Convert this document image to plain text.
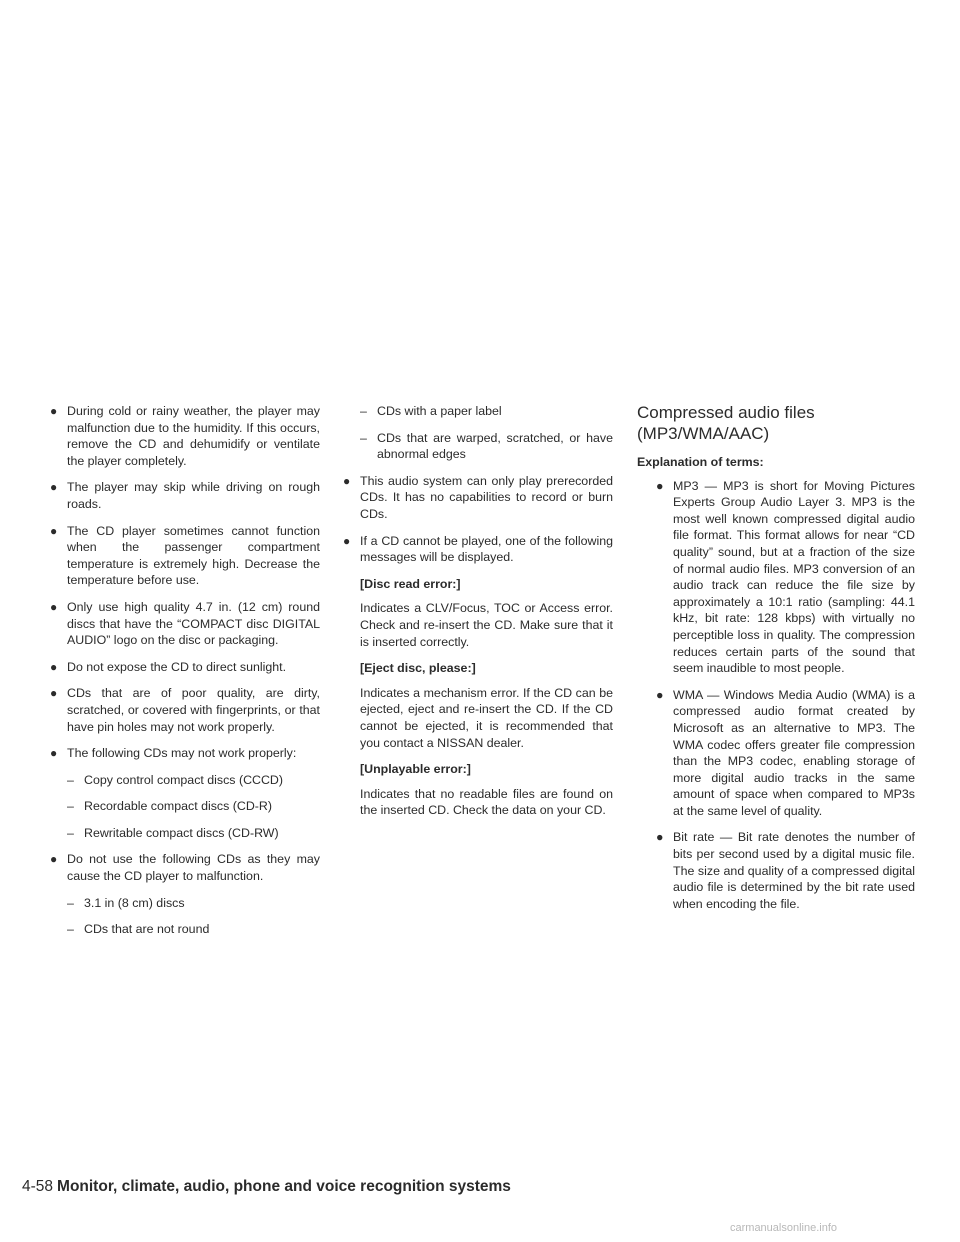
● During cold or rainy weather, the player may malfunction due to the humidity. If this occurs, remove the CD and dehumidify or ventilate the player completely.
● The player may skip while driving on rough roads.
● The CD player sometimes cannot function when the passenger compartment temperature is extremely high. Decrease the temperature before use.
● Only use high quality 4.7 in. (12 cm) round discs that have the “COMPACT disc DIGITAL AUDIO” logo on the disc or packaging.
● Do not expose the CD to direct sunlight.
● CDs that are of poor quality, are dirty, scratched, or covered with fingerprints, or that have pin holes may not work properly.
● The following CDs may not work properly:
– Copy control compact discs (CCCD)
– Recordable compact discs (CD-R)
– Rewritable compact discs (CD-RW)
● Do not use the following CDs as they may cause the CD player to malfunction.
– 3.1 in (8 cm) discs
– CDs that are not round
– CDs with a paper label
– CDs that are warped, scratched, or have abnormal edges
● This audio system can only play prerecorded CDs. It has no capabilities to record or burn CDs.
● If a CD cannot be played, one of the following messages will be displayed.
[Disc read error:]
Indicates a CLV/Focus, TOC or Access error. Check and re-insert the CD. Make sure that it is inserted correctly.
[Eject disc, please:]
Indicates a mechanism error. If the CD can be ejected, eject and re-insert the CD. If the CD cannot be ejected, it is recommended that you contact a NISSAN dealer.
[Unplayable error:]
Indicates that no readable files are found on the inserted CD. Check the data on your CD.
Compressed audio files (MP3/WMA/AAC)
Explanation of terms:
● MP3 — MP3 is short for Moving Pictures Experts Group Audio Layer 3. MP3 is the most well known compressed digital audio file format. This format allows for near “CD quality” sound, but at a fraction of the size of normal audio files. MP3 conversion of an audio track can reduce the file size by approximately a 10:1 ratio (sampling: 44.1 kHz, bit rate: 128 kbps) with virtually no perceptible loss in quality. The compression reduces certain parts of the sound that seem inaudible to most people.
● WMA — Windows Media Audio (WMA) is a compressed audio format created by Microsoft as an alternative to MP3. The WMA codec offers greater file compression than the MP3 codec, enabling storage of more digital audio tracks in the same amount of space when compared to MP3s at the same level of quality.
● Bit rate — Bit rate denotes the number of bits per second used by a digital music file. The size and quality of a compressed digital audio file is determined by the bit rate used when encoding the file.
4-58 Monitor, climate, audio, phone and voice recognition systems
carmanualsonline.info
